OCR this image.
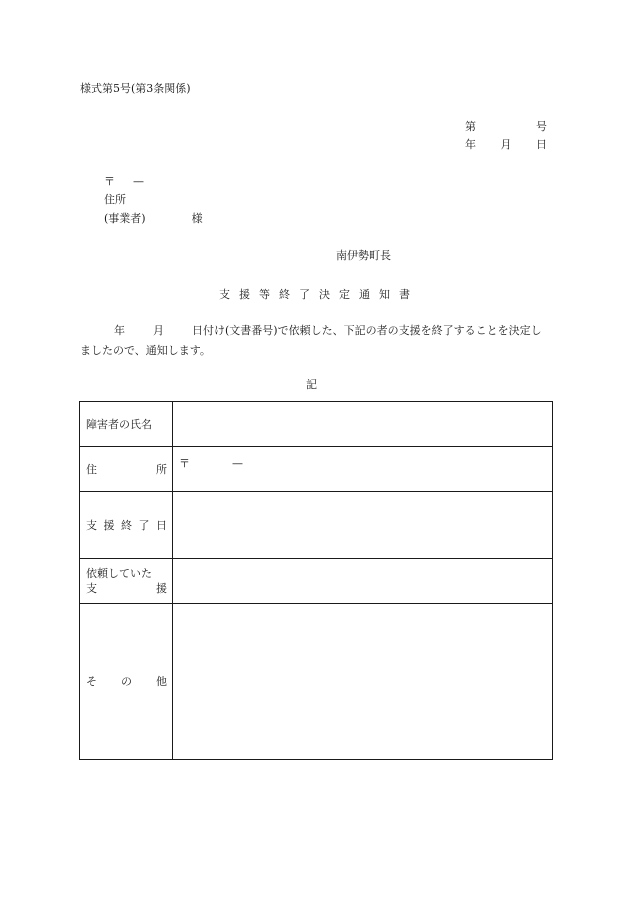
様式第5号(第3条関係)
第	号
年 月 日
〒 —
住所
(事業者)	様
南伊勢町長
支 援 等 終 了 決 定 通 知 書
年	月	日付け(文書番号)で依頼した、下記の者の支援を終了することを決定しましたので、通知します。
記
障害者の氏名	

住 所	〒 —

支 援 終 了 日	

依頼していた
支 援	

そ の 他	
